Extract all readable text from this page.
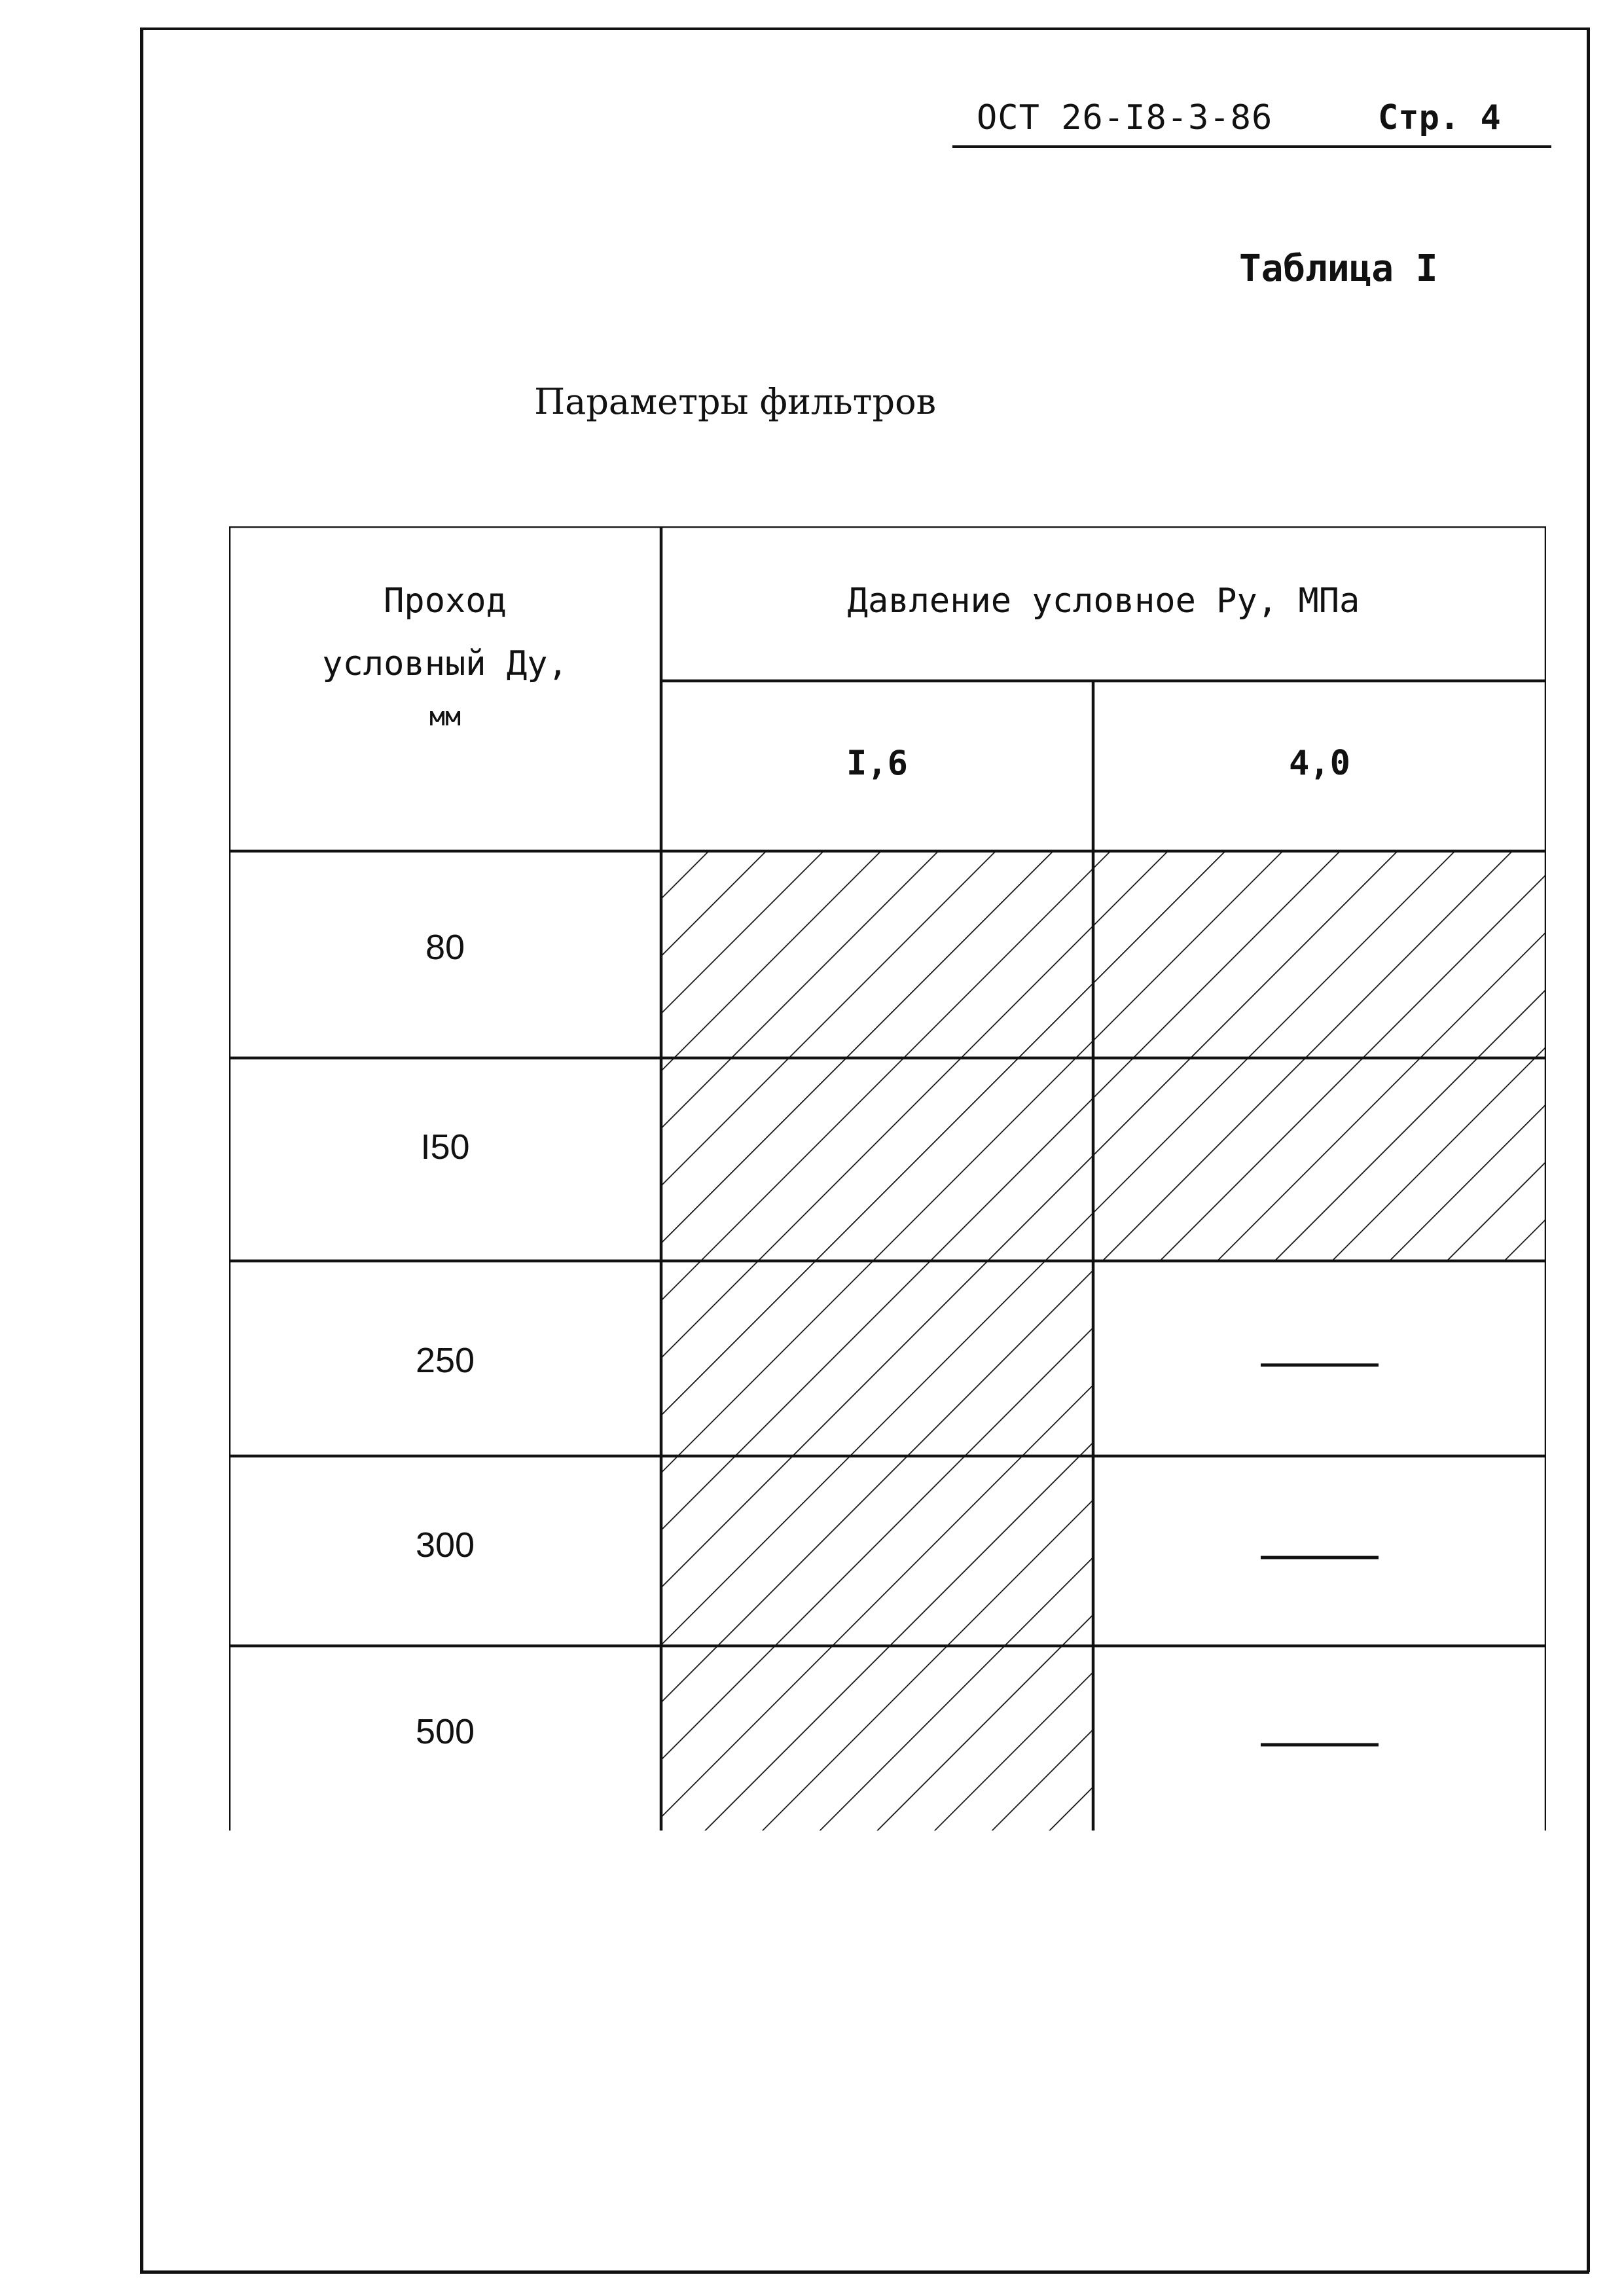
ОСТ 26-I8-3-86	Стр. 4
Таблица I
Параметры фильтров
Проход
условный Ду,
мм
Давление условное Ру, МПа
I,6	4,0
80
I50
250
300
500
